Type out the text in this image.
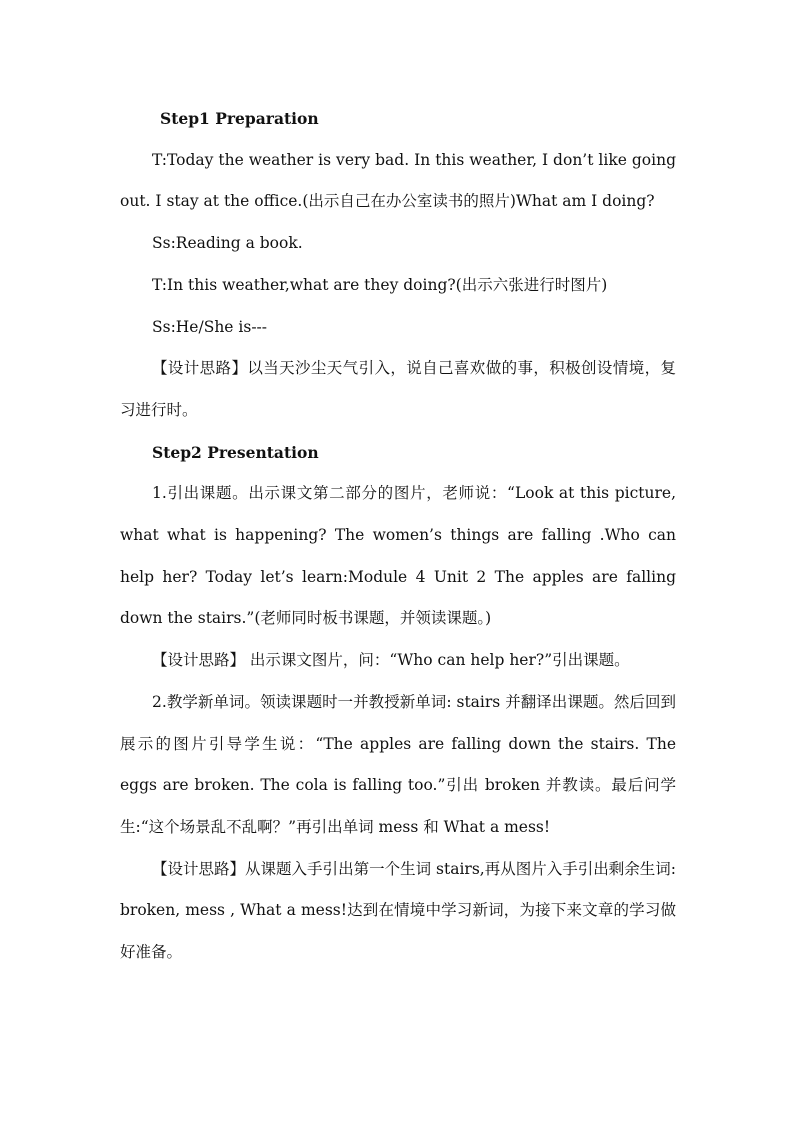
Step1 Preparation

T:Today the weather is very bad. In this weather, I don’t like going out. I stay at the office.(出示自己在办公室读书的照片)What am I doing?

Ss:Reading a book.

T:In this weather,what are they doing?(出示六张进行时图片)

Ss:He/She is---

【设计思路】以当天沙尘天气引入，说自己喜欢做的事，积极创设情境，复习进行时。

Step2 Presentation

1.引出课题。出示课文第二部分的图片，老师说：“Look at this picture, what what is happening? The women’s things are falling .Who can help her? Today let’s learn:Module 4 Unit 2 The apples are falling down the stairs.”(老师同时板书课题，并领读课题。)

【设计思路】 出示课文图片，问：“Who can help her?”引出课题。

2.教学新单词。领读课题时一并教授新单词: stairs 并翻译出课题。然后回到展示的图片引导学生说：“The apples are falling down the stairs. The eggs are broken. The cola is falling too.”引出 broken 并教读。最后问学生:“这个场景乱不乱啊？”再引出单词 mess 和 What a mess!

【设计思路】从课题入手引出第一个生词 stairs,再从图片入手引出剩余生词: broken, mess , What a mess!达到在情境中学习新词，为接下来文章的学习做好准备。
